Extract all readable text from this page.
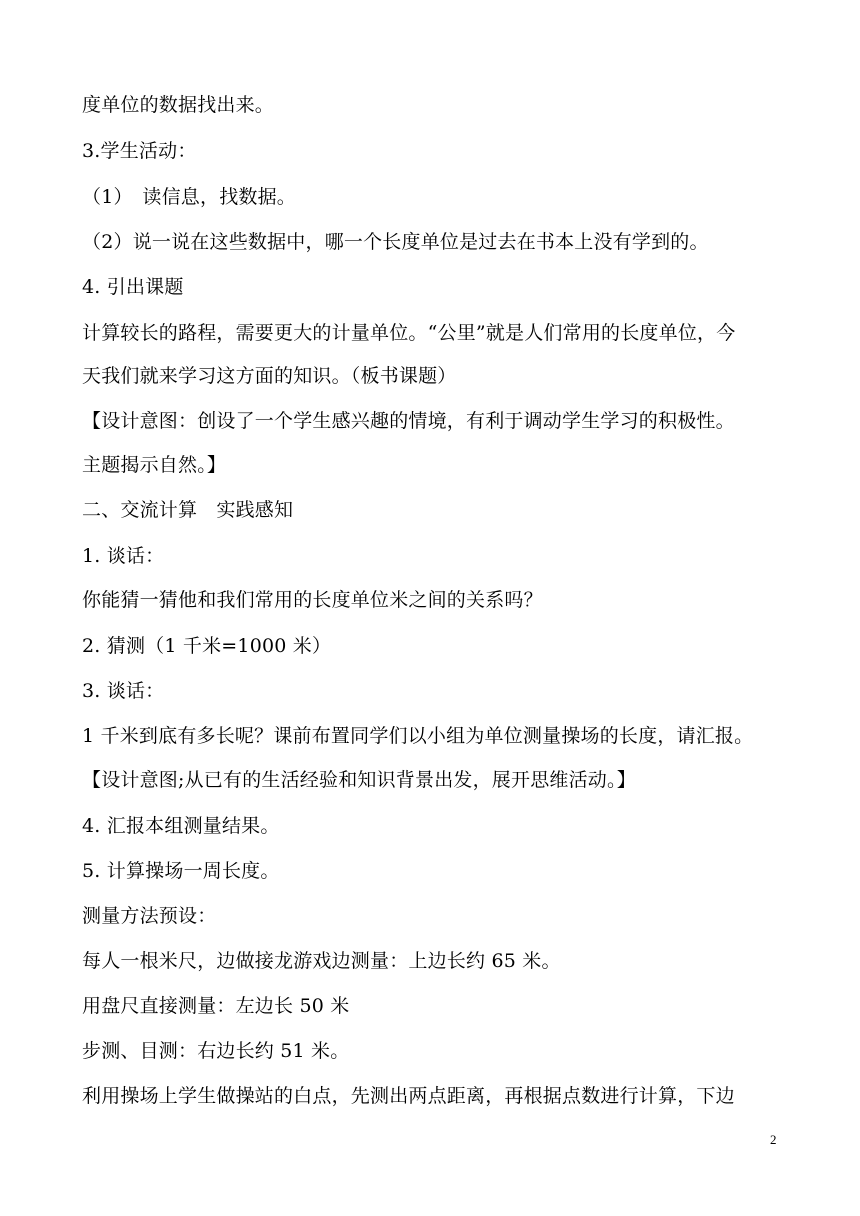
度单位的数据找出来。
3.学生活动：
（1）　读信息，找数据。
（2）说一说在这些数据中，哪一个长度单位是过去在书本上没有学到的。
4. 引出课题
计算较长的路程，需要更大的计量单位。“公里”就是人们常用的长度单位，今
天我们就来学习这方面的知识。（板书课题）
【设计意图：创设了一个学生感兴趣的情境，有利于调动学生学习的积极性。
主题揭示自然。】
二、交流计算　实践感知
1. 谈话：
你能猜一猜他和我们常用的长度单位米之间的关系吗？
2. 猜测（1 千米=1000 米）
3. 谈话：
1 千米到底有多长呢？课前布置同学们以小组为单位测量操场的长度，请汇报。
【设计意图;从已有的生活经验和知识背景出发，展开思维活动。】
4. 汇报本组测量结果。
5. 计算操场一周长度。
测量方法预设：
每人一根米尺，边做接龙游戏边测量：上边长约 65 米。
用盘尺直接测量：左边长 50 米
步测、目测：右边长约 51 米。
利用操场上学生做操站的白点，先测出两点距离，再根据点数进行计算，下边
2
